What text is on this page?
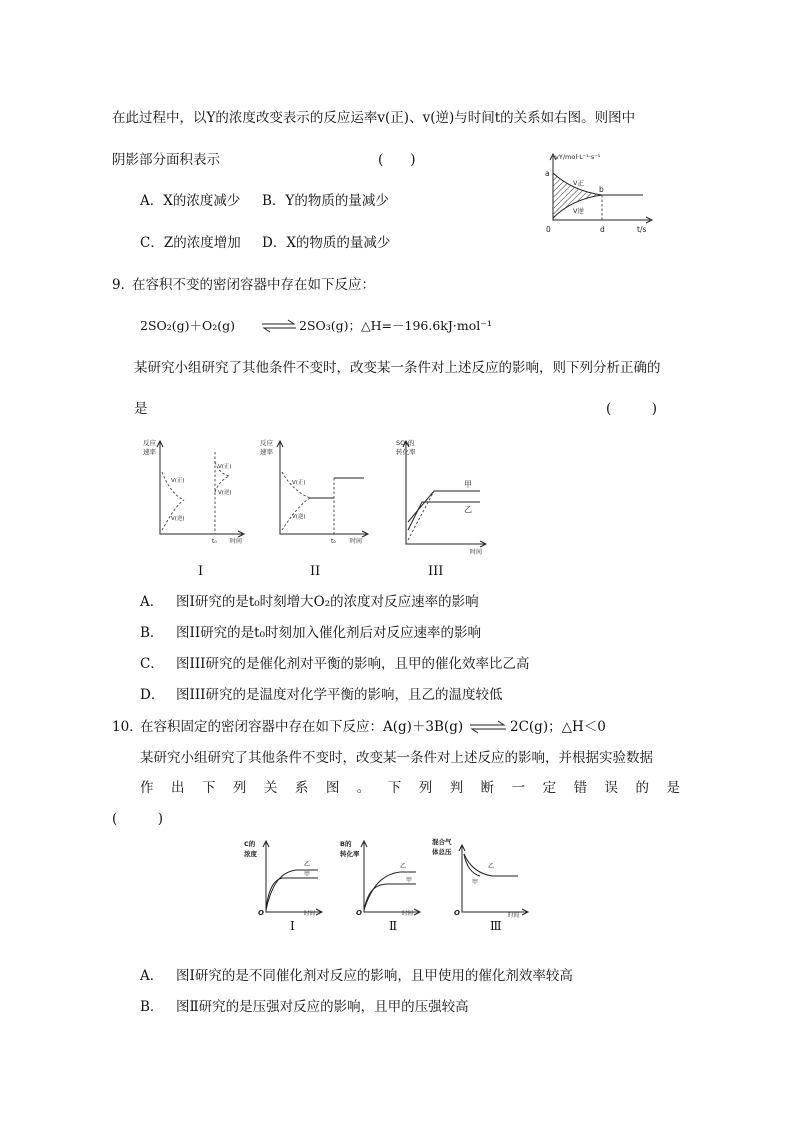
在此过程中，以Y的浓度改变表示的反应运率v(正)、v(逆)与时间t的关系如右图。则图中
阴影部分面积表示	(　　)
A．X的浓度减少 B．Y的物质的量减少
C．Z的浓度增加 D．X的物质的量减少
vY/mol·L⁻¹·s⁻¹
a
b
V正
V逆
0	d	t/s
9．
在容积不变的密闭容器中存在如下反应：
2SO₂(g)＋O₂(g)	2SO₃(g)；△H=－196.6kJ·mol⁻¹
某研究小组研究了其他条件不变时，改变某一条件对上述反应的影响，则下列分析正确的
是	(　　　)
反应
速率
V(正)
V(逆)
V(正)
V(逆)
t₀ 时间
反应
速率
V(正)
V(逆)
t₀ 时间
SO₂的
转化率
甲
乙
时间
I	II	III
A． 图I研究的是t₀时刻增大O₂的浓度对反应速率的影响
B． 图II研究的是t₀时刻加入催化剂后对反应速率的影响
C． 图III研究的是催化剂对平衡的影响，且甲的催化效率比乙高
D． 图III研究的是温度对化学平衡的影响，且乙的温度较低
10．
在容积固定的密闭容器中存在如下反应：A(g)＋3B(g)	2C(g)；△H＜0
某研究小组研究了其他条件不变时，改变某一条件对上述反应的影响，并根据实验数据
作 出 下 列 关 系 图 。 下 列 判 断 一 定 错 误 的 是
(　　　)
C的
浓度
乙
甲
O	时间
B的
转化率
乙
甲
O	时间
混合气
体总压
乙
甲
O	时间
I	Ⅱ	Ⅲ
A． 图Ⅰ研究的是不同催化剂对反应的影响，且甲使用的催化剂效率较高
B． 图Ⅱ研究的是压强对反应的影响，且甲的压强较高
